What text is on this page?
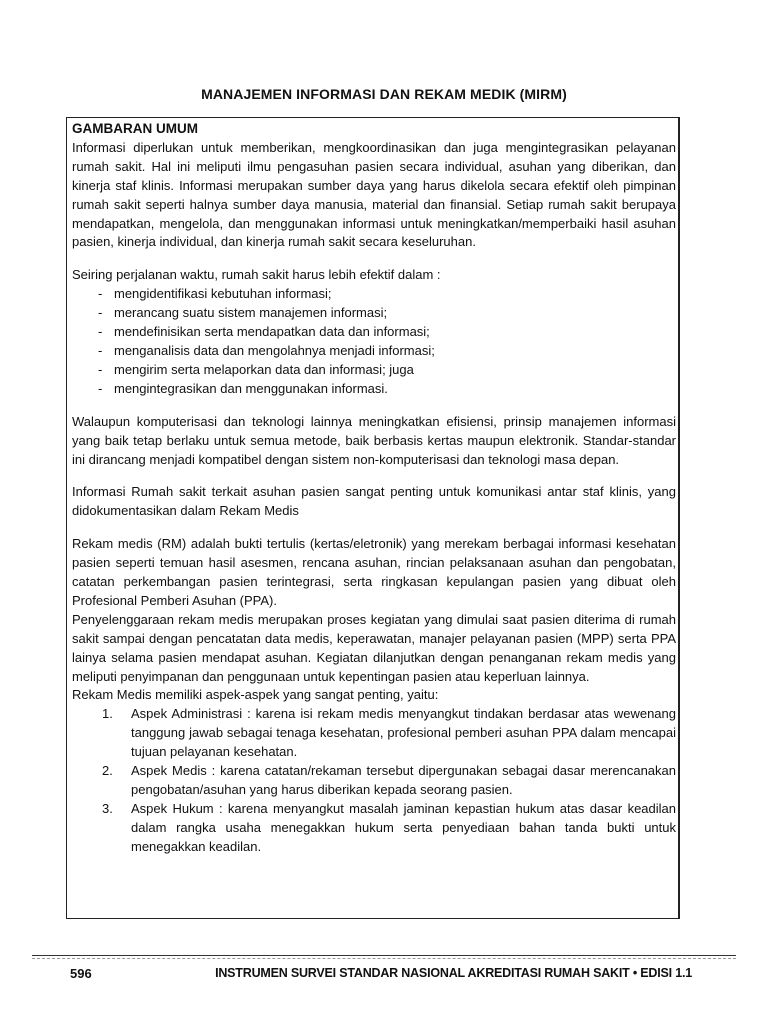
MANAJEMEN INFORMASI DAN REKAM MEDIK (MIRM)
GAMBARAN UMUM

Informasi diperlukan untuk memberikan, mengkoordinasikan dan juga mengintegrasikan pelayanan rumah sakit. Hal ini meliputi ilmu pengasuhan pasien secara individual, asuhan yang diberikan, dan kinerja staf klinis. Informasi merupakan sumber daya yang harus dikelola secara efektif oleh pimpinan rumah sakit seperti halnya sumber daya manusia, material dan finansial. Setiap rumah sakit berupaya mendapatkan, mengelola, dan menggunakan informasi untuk meningkatkan/memperbaiki hasil asuhan pasien, kinerja individual, dan kinerja rumah sakit secara keseluruhan.

Seiring perjalanan waktu, rumah sakit harus lebih efektif dalam :

- mengidentifikasi kebutuhan informasi;
- merancang suatu sistem manajemen informasi;
- mendefinisikan serta mendapatkan data dan informasi;
- menganalisis data dan mengolahnya menjadi informasi;
- mengirim serta melaporkan data dan informasi; juga
- mengintegrasikan dan menggunakan informasi.

Walaupun komputerisasi dan teknologi lainnya meningkatkan efisiensi, prinsip manajemen informasi yang baik tetap berlaku untuk semua metode, baik berbasis kertas maupun elektronik. Standar-standar ini dirancang menjadi kompatibel dengan sistem non-komputerisasi dan teknologi masa depan.

Informasi Rumah sakit terkait asuhan pasien sangat penting untuk komunikasi antar staf klinis, yang didokumentasikan dalam Rekam Medis

Rekam medis (RM) adalah bukti tertulis (kertas/eletronik) yang merekam berbagai informasi kesehatan pasien seperti temuan hasil asesmen, rencana asuhan, rincian pelaksanaan asuhan dan pengobatan, catatan perkembangan pasien terintegrasi, serta ringkasan kepulangan pasien yang dibuat oleh Profesional Pemberi Asuhan (PPA).

Penyelenggaraan rekam medis merupakan proses kegiatan yang dimulai saat pasien diterima di rumah sakit sampai dengan pencatatan data medis, keperawatan, manajer pelayanan pasien (MPP) serta PPA lainya selama pasien mendapat asuhan. Kegiatan dilanjutkan dengan penanganan rekam medis yang meliputi penyimpanan dan penggunaan untuk kepentingan pasien atau keperluan lainnya.

Rekam Medis memiliki aspek-aspek yang sangat penting, yaitu:

1. Aspek Administrasi : karena isi rekam medis menyangkut tindakan berdasar atas wewenang tanggung jawab sebagai tenaga kesehatan, profesional pemberi asuhan PPA dalam mencapai tujuan pelayanan kesehatan.
2. Aspek Medis : karena catatan/rekaman tersebut dipergunakan sebagai dasar merencanakan pengobatan/asuhan yang harus diberikan kepada seorang pasien.
3. Aspek Hukum : karena menyangkut masalah jaminan kepastian hukum atas dasar keadilan dalam rangka usaha menegakkan hukum serta penyediaan bahan tanda bukti untuk menegakkan keadilan.
596	INSTRUMEN SURVEI STANDAR NASIONAL AKREDITASI RUMAH SAKIT • EDISI 1.1
